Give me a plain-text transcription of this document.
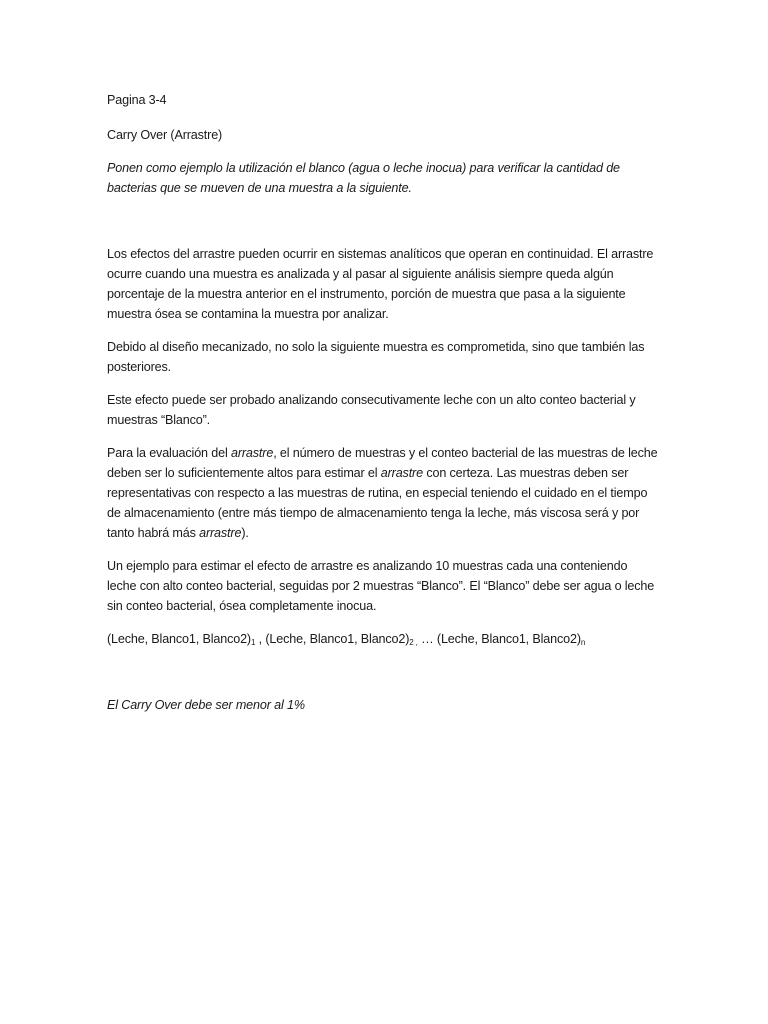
Pagina 3-4

Carry Over (Arrastre)

Ponen como ejemplo la utilización el blanco (agua o leche inocua) para verificar la cantidad de bacterias que se mueven de una muestra a la siguiente.

Los efectos del arrastre pueden ocurrir en sistemas analíticos que operan en continuidad. El arrastre ocurre cuando una muestra es analizada y al pasar al siguiente análisis siempre queda algún porcentaje de la muestra anterior en el instrumento, porción de muestra que pasa a la siguiente muestra ósea se contamina la muestra por analizar.

Debido al diseño mecanizado, no solo la siguiente muestra es comprometida, sino que también las posteriores.

Este efecto puede ser probado analizando consecutivamente leche con un alto conteo bacterial y muestras “Blanco”.

Para la evaluación del arrastre, el número de muestras y el conteo bacterial de las muestras de leche deben ser lo suficientemente altos para estimar el arrastre con certeza. Las muestras deben ser representativas con respecto a las muestras de rutina, en especial teniendo el cuidado en el tiempo de almacenamiento (entre más tiempo de almacenamiento tenga la leche, más viscosa será y por tanto habrá más arrastre).

Un ejemplo para estimar el efecto de arrastre es analizando 10 muestras cada una conteniendo leche con alto conteo bacterial, seguidas por 2 muestras “Blanco”. El “Blanco” debe ser agua o leche sin conteo bacterial, ósea completamente inocua.

(Leche, Blanco1, $Blanco2)_1$ , (Leche, Blanco1, $Blanco2)_{2 ,}$ … (Leche, Blanco1, $Blanco2)_n$

El Carry Over debe ser menor al 1%
